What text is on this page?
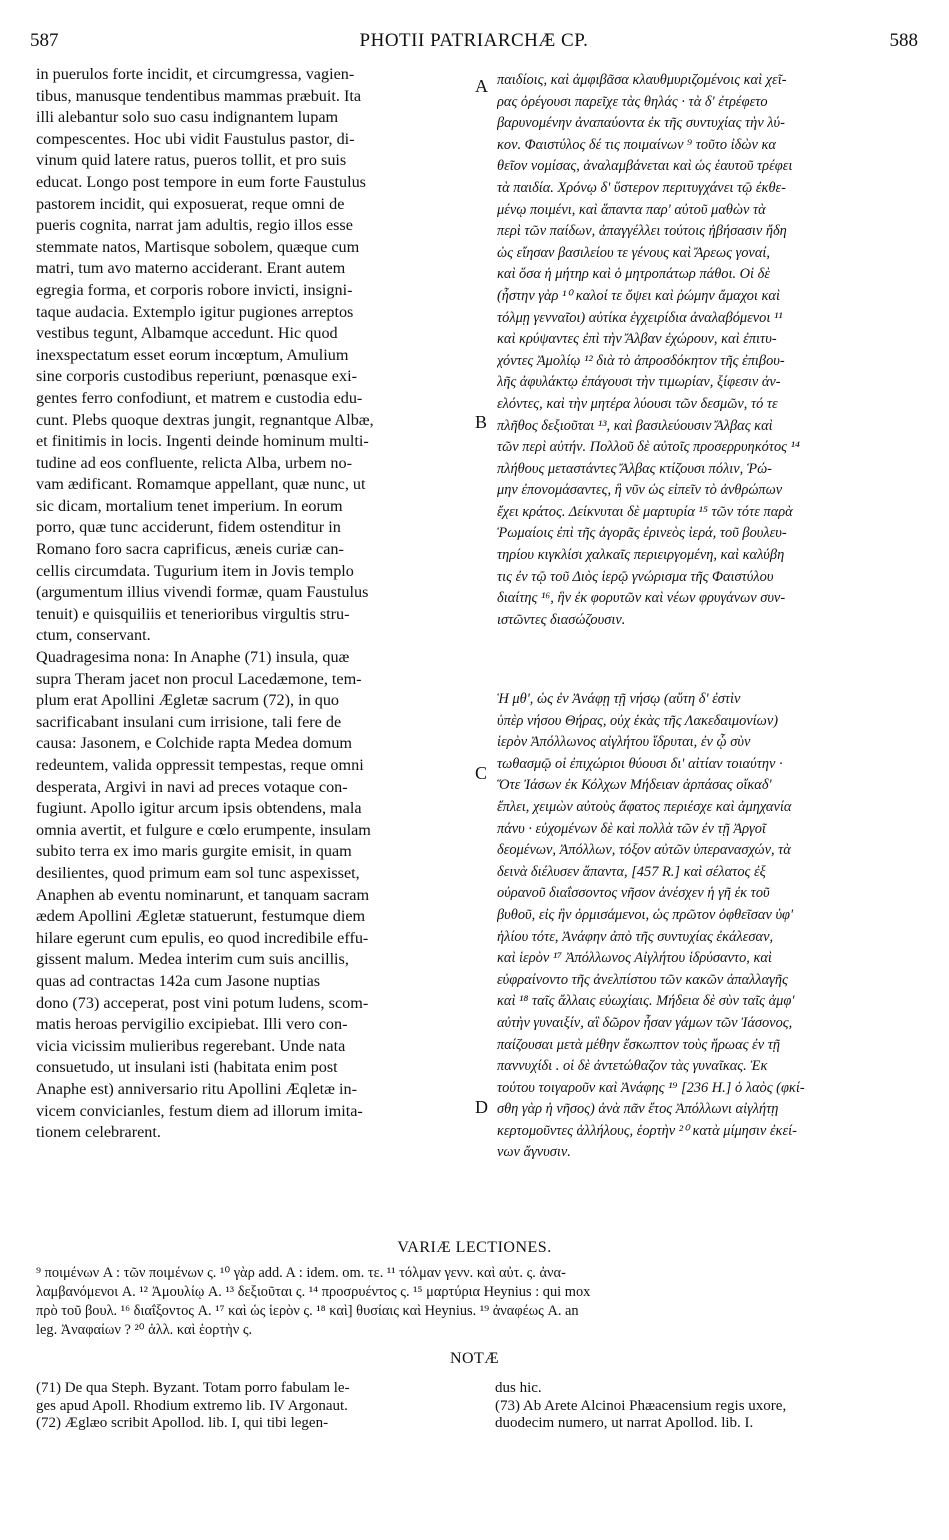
587	PHOTII PATRIARCHÆ CP.	588
in puerulos forte incidit, et circumgressa, vagien-
tibus, manusque tendentibus mammas præbuit. Ita
illi alebantur solo suo casu indignantem lupam
compescentes. Hoc ubi vidit Faustulus pastor, di-
vinum quid latere ratus, pueros tollit, et pro suis
educat. Longo post tempore in eum forte Faustulus
pastorem incidit, qui exposuerat, reque omni de
pueris cognita, narrat jam adultis, regio illos esse
stemmate natos, Martisque sobolem, quæque cum
matri, tum avo materno acciderant. Erant autem
egregia forma, et corporis robore invicti, insigni-
taque audacia. Extemplo igitur pugiones arreptos
vestibus tegunt, Albamque accedunt. Hic quod
inexspectatum esset eorum incœptum, Amulium
sine corporis custodibus reperiunt, pœnasque exi-
gentes ferro confodiunt, et matrem e custodia edu-
cunt. Plebs quoque dextras jungit, regnantque Albæ,
et finitimis in locis. Ingenti deinde hominum multi-
tudine ad eos confluente, relicta Alba, urbem no-
vam ædificant. Romamque appellant, quæ nunc, ut
sic dicam, mortalium tenet imperium. In eorum
porro, quæ tunc acciderunt, fidem ostenditur in
Romano foro sacra caprificus, æneis curiæ can-
cellis circumdata. Tugurium item in Jovis templo
(argumentum illius vivendi formæ, quam Faustulus
tenuit) e quisquiliis et tenerioribus virgultis stru-
ctum, conservant.
Quadragesima nona: In Anaphe (71) insula, quæ
supra Theram jacet non procul Lacedæmone, tem-
plum erat Apollini Ægletæ sacrum (72), in quo
sacrificabant insulani cum irrisione, tali fere de
causa: Jasonem, e Colchide rapta Medea domum
redeuntem, valida oppressit tempestas, reque omni
desperata, Argivi in navi ad preces votaque con-
fugiunt. Apollo igitur arcum ipsis obtendens, mala
omnia avertit, et fulgure e cœlo erumpente, insulam
subito terra ex imo maris gurgite emisit, in quam
desilientes, quod primum eam sol tunc aspexisset,
Anaphen ab eventu nominarunt, et tanquam sacram
ædem Apollini Ægletæ statuerunt, festumque diem
hilare egerunt cum epulis, eo quod incredibile effu-
gissent malum. Medea interim cum suis ancillis,
quas ad contractas 142a cum Jasone nuptias
dono (73) acceperat, post vini potum ludens, scom-
matis heroas pervigilio excipiebat. Illi vero con-
vicia vicissim mulieribus regerebant. Unde nata
consuetudo, ut insulani isti (habitata enim post
Anaphe est) anniversario ritu Apollini Æqletæ in-
vicem convicianles, festum diem ad illorum imita-
tionem celebrarent.
παιδίοις, καὶ ἀμφιβᾶσα κλαυθμυριζομένοις καὶ χεῖ-
ρας ὀρέγουσι παρεῖχε τὰς θηλάς · τὰ δ' ἐτρέφετο
βαρυνομένην ἀναπαύοντα ἐκ τῆς συντυχίας τὴν λύ-
κον. Φαιστύλος δέ τις ποιμαίνων ⁹ τοῦτο ἰδὼν κα
θεῖον νομίσας, ἀναλαμβάνεται καὶ ὡς ἑαυτοῦ τρέφει
τὰ παιδία. Χρόνῳ δ' ὕστερον περιτυγχάνει τῷ ἐκθε-
μένῳ ποιμένι, καὶ ἅπαντα παρ' αὐτοῦ μαθὼν τὰ
περὶ τῶν παίδων, ἀπαγγέλλει τούτοις ἠβήσασιν ἤδη
ὡς εἴησαν βασιλείου τε γένους καὶ Ἄρεως γοναί,
καὶ ὅσα ἡ μήτηρ καὶ ὁ μητροπάτωρ πάθοι. Οἱ δὲ
(ἦστην γὰρ ¹⁰ καλοί τε ὄψει καὶ ῥώμην ἄμαχοι καὶ
τόλμῃ γενναῖοι) αὐτίκα ἐγχειρίδια ἀναλαβόμενοι ¹¹
καὶ κρύψαντες ἐπὶ τὴν Ἄλβαν ἐχώρουν, καὶ ἐπιτυ-
χόντες Ἀμολίῳ ¹² διὰ τὸ ἀπροσδόκητον τῆς ἐπιβου-
λῆς ἀφυλάκτῳ ἐπάγουσι τὴν τιμωρίαν, ξίφεσιν ἀν-
ελόντες, καὶ τὴν μητέρα λύουσι τῶν δεσμῶν, τό τε
πλῆθος δεξιοῦται ¹³, καὶ βασιλεύουσιν Ἄλβας καὶ
τῶν περὶ αὐτήν. Πολλοῦ δὲ αὐτοῖς προσερρυηκότος ¹⁴
πλήθους μεταστάντες Ἄλβας κτίζουσι πόλιν, Ῥώ-
μην ἐπονομάσαντες, ἣ νῦν ὡς εἰπεῖν τὸ ἀνθρώπων
ἔχει κράτος. Δείκνυται δὲ μαρτυρία ¹⁵ τῶν τότε παρὰ
Ῥωμαίοις ἐπὶ τῆς ἀγορᾶς ἐρινεὸς ἱερά, τοῦ βουλευ-
τηρίου κιγκλίσι χαλκαῖς περιειργομένη, καὶ καλύβη
τις ἐν τῷ τοῦ Διὸς ἱερῷ γνώρισμα τῆς Φαιστύλου
διαίτης ¹⁶, ἣν ἐκ φορυτῶν καὶ νέων φρυγάνων συν-
ιστῶντες διασώζουσιν.
Ἡ μθ', ὡς ἐν Ἀνάφῃ τῇ νήσῳ (αὕτη δ' ἐστὶν
ὑπὲρ νήσου Θήρας, οὐχ ἑκὰς τῆς Λακεδαιμονίων)
ἱερὸν Ἀπόλλωνος αἰγλήτου ἵδρυται, ἐν ᾧ σὺν
τωθασμῷ οἱ ἐπιχώριοι θύουσι δι' αἰτίαν τοιαύτην ·
Ὅτε Ἰάσων ἐκ Κόλχων Μήδειαν ἁρπάσας οἴκαδ'
ἔπλει, χειμὼν αὐτοὺς ἄφατος περιέσχε καὶ ἀμηχανία
πάνυ · εὐχομένων δὲ καὶ πολλὰ τῶν ἐν τῇ Ἀργοῖ
δεομένων, Ἀπόλλων, τόξον αὐτῶν ὑπερανασχών, τὰ
δεινὰ διέλυσεν ἅπαντα, [457 R.] καὶ σέλατος ἐξ
οὐρανοῦ διαΐσσοντος νῆσον ἀνέσχεν ἡ γῆ ἐκ τοῦ
βυθοῦ, εἰς ἣν ὁρμισάμενοι, ὡς πρῶτον ὀφθεῖσαν ὑφ'
ἡλίου τότε, Ἀνάφην ἀπὸ τῆς συντυχίας ἐκάλεσαν,
καὶ ἱερὸν ¹⁷ Ἀπόλλωνος Αἰγλήτου ἱδρύσαντο, καὶ
εὐφραίνοντο τῆς ἀνελπίστου τῶν κακῶν ἀπαλλαγῆς
καὶ ¹⁸ ταῖς ἄλλαις εὐωχίαις. Μήδεια δὲ σὺν ταῖς ἀμφ'
αὐτὴν γυναιξίν, αἳ δῶρον ἦσαν γάμων τῶν Ἰάσονος,
παίζουσαι μετὰ μέθην ἔσκωπτον τοὺς ἥρωας ἐν τῇ
παννυχίδι . οἱ δὲ ἀντετώθαζον τὰς γυναῖκας. Ἐκ
τούτου τοιγαροῦν καὶ Ἀνάφης ¹⁹ [236 H.] ὁ λαὸς (φκί-
σθη γὰρ ἡ νῆσος) ἀνὰ πᾶν ἔτος Ἀπόλλωνι αἰγλήτῃ
κερτομοῦντες ἀλλήλους, ἑορτὴν ²⁰ κατὰ μίμησιν ἐκεί-
νων ἄγνυσιν.
A
B
C
D
VARIÆ LECTIONES.
⁹ ποιμένων A : τῶν ποιμένων ς. ¹⁰ γὰρ add. A : idem. om. τε. ¹¹ τόλμαν γενν. καὶ αὐτ. ς. ἀνα-
λαμβανόμενοι A. ¹² Ἀμουλίῳ A. ¹³ δεξιοῦται ς. ¹⁴ προσρυέντος ς. ¹⁵ μαρτύρια Heynius : qui mox
πρὸ τοῦ βουλ. ¹⁶ διαΐξοντος A. ¹⁷ καὶ ὡς ἱερὸν ς. ¹⁸ καὶ] θυσίαις καὶ Heynius. ¹⁹ ἀναφέως A. an
leg. Ἀναφαίων ? ²⁰ ἀλλ. καὶ ἑορτὴν ς.
NOTÆ
(71) De qua Steph. Byzant. Totam porro fabulam le-
ges apud Apoll. Rhodium extremo lib. IV Argonaut.
(72) Æglæo scribit Apollod. lib. I, qui tibi legen-
dus hic.
(73) Ab Arete Alcinoi Phæacensium regis uxore,
duodecim numero, ut narrat Apollod. lib. I.
